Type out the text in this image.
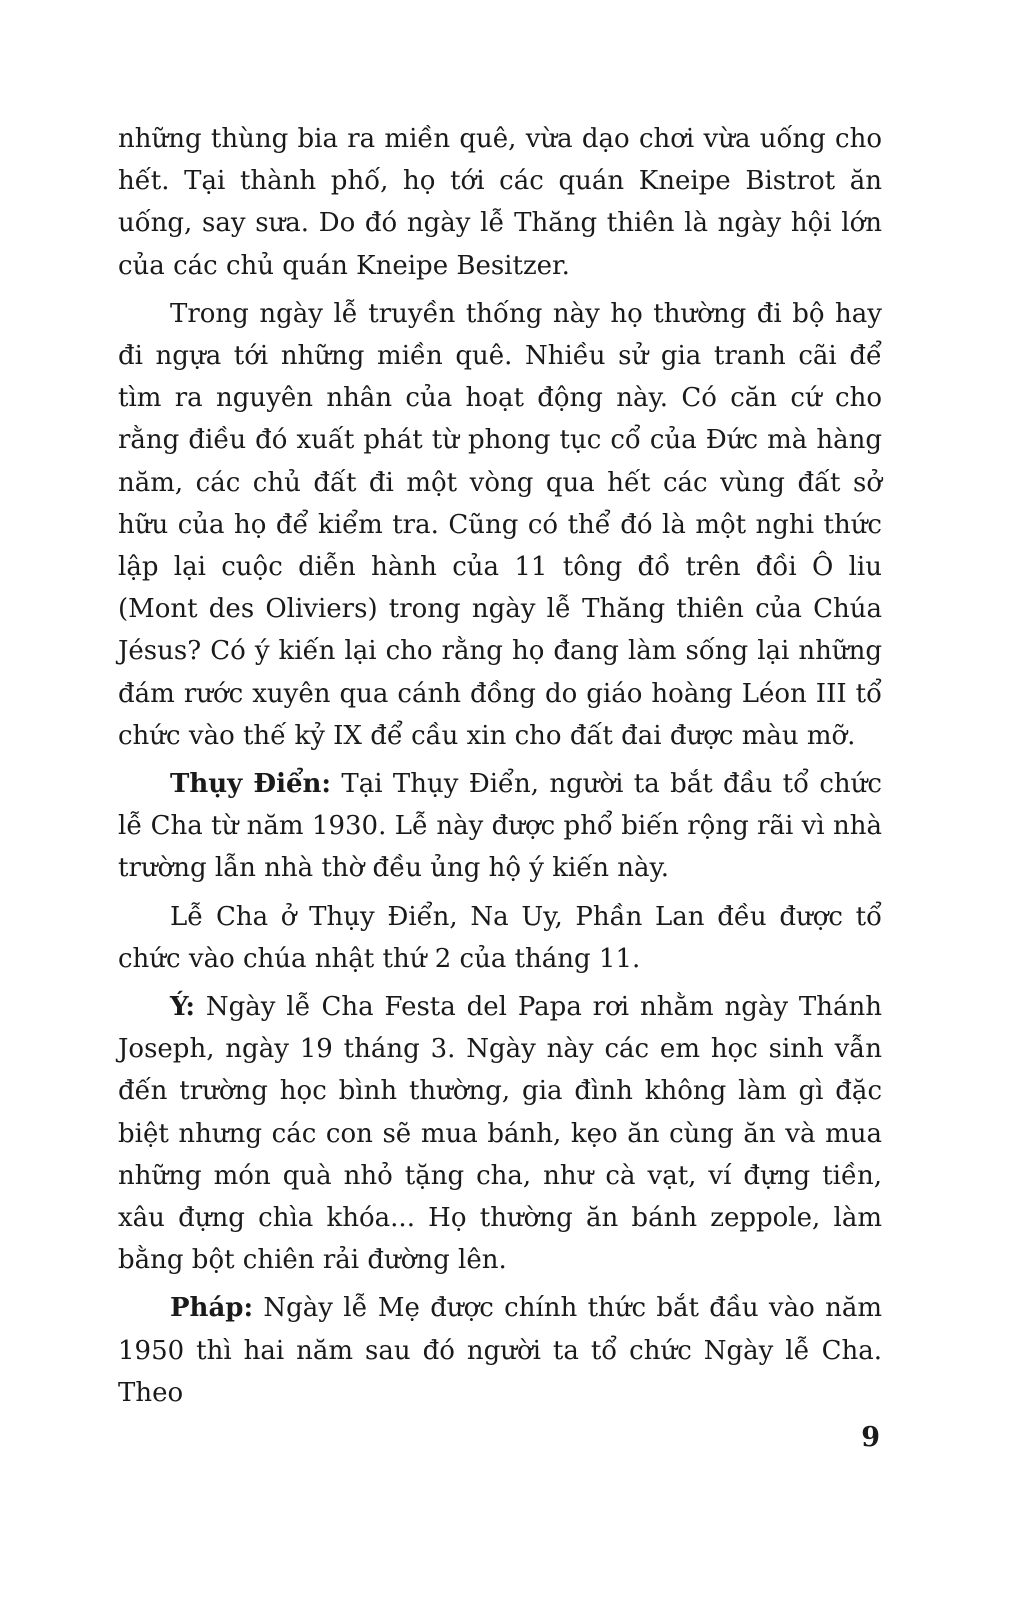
những thùng bia ra miền quê, vừa dạo chơi vừa uống cho hết. Tại thành phố, họ tới các quán Kneipe Bistrot ăn uống, say sưa. Do đó ngày lễ Thăng thiên là ngày hội lớn của các chủ quán Kneipe Besitzer.

Trong ngày lễ truyền thống này họ thường đi bộ hay đi ngựa tới những miền quê. Nhiều sử gia tranh cãi để tìm ra nguyên nhân của hoạt động này. Có căn cứ cho rằng điều đó xuất phát từ phong tục cổ của Đức mà hàng năm, các chủ đất đi một vòng qua hết các vùng đất sở hữu của họ để kiểm tra. Cũng có thể đó là một nghi thức lập lại cuộc diễn hành của 11 tông đồ trên đồi Ô liu (Mont des Oliviers) trong ngày lễ Thăng thiên của Chúa Jésus? Có ý kiến lại cho rằng họ đang làm sống lại những đám rước xuyên qua cánh đồng do giáo hoàng Léon III tổ chức vào thế kỷ IX để cầu xin cho đất đai được màu mỡ.

Thụy Điển: Tại Thụy Điển, người ta bắt đầu tổ chức lễ Cha từ năm 1930. Lễ này được phổ biến rộng rãi vì nhà trường lẫn nhà thờ đều ủng hộ ý kiến này.

Lễ Cha ở Thụy Điển, Na Uy, Phần Lan đều được tổ chức vào chúa nhật thứ 2 của tháng 11.

Ý: Ngày lễ Cha Festa del Papa rơi nhằm ngày Thánh Joseph, ngày 19 tháng 3. Ngày này các em học sinh vẫn đến trường học bình thường, gia đình không làm gì đặc biệt nhưng các con sẽ mua bánh, kẹo ăn cùng ăn và mua những món quà nhỏ tặng cha, như cà vạt, ví đựng tiền, xâu đựng chìa khóa... Họ thường ăn bánh zeppole, làm bằng bột chiên rải đường lên.

Pháp: Ngày lễ Mẹ được chính thức bắt đầu vào năm 1950 thì hai năm sau đó người ta tổ chức Ngày lễ Cha. Theo

9
